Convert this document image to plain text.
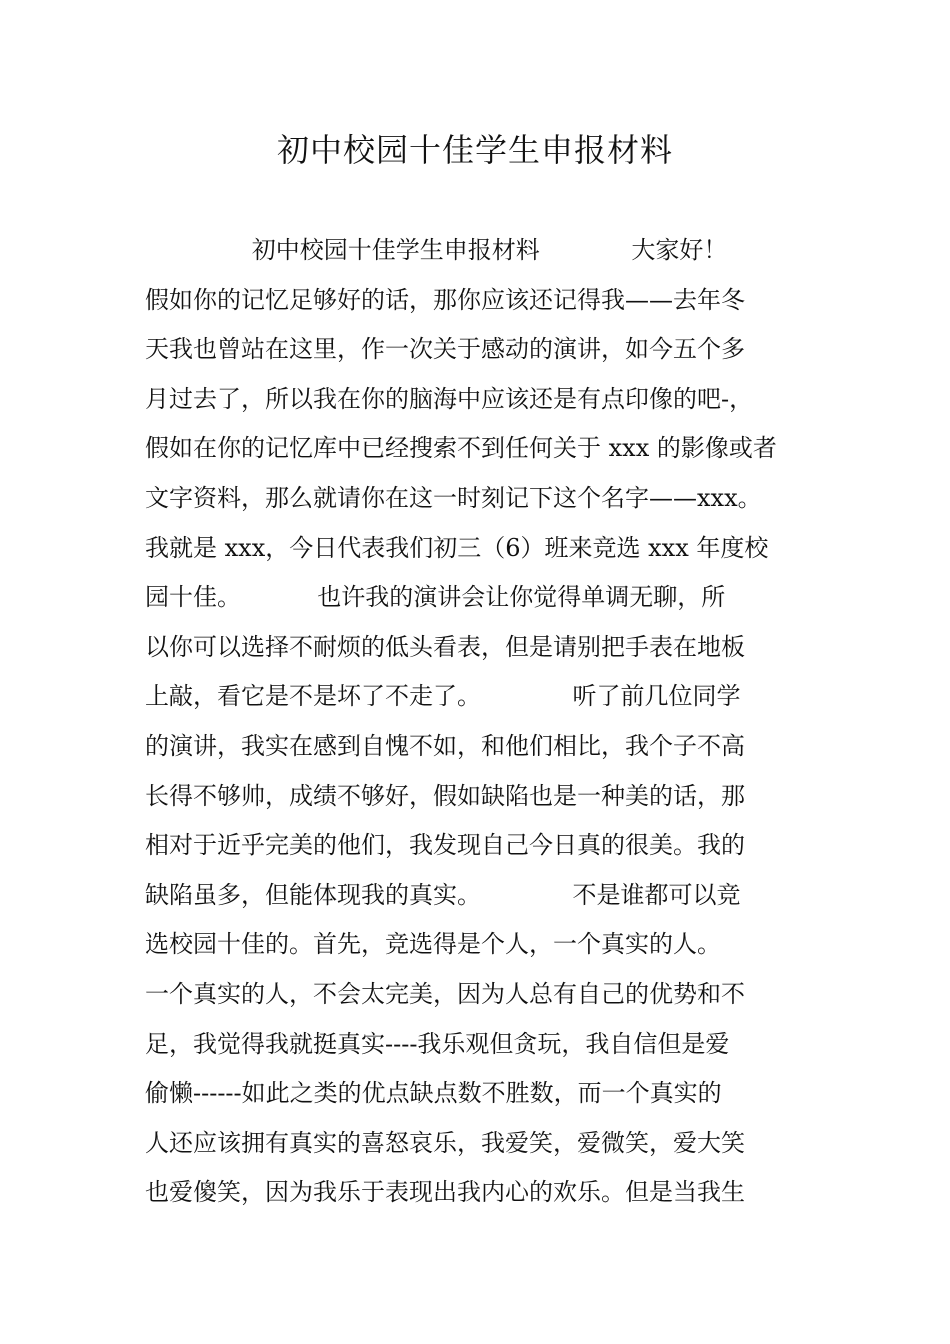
初中校园十佳学生申报材料
初中校园十佳学生申报材料            大家好！
假如你的记忆足够好的话，那你应该还记得我——去年冬
天我也曾站在这里，作一次关于感动的演讲，如今五个多
月过去了，所以我在你的脑海中应该还是有点印像的吧-，
假如在你的记忆库中已经搜索不到任何关于 xxx 的影像或者
文字资料，那么就请你在这一时刻记下这个名字——xxx。
我就是 xxx，今日代表我们初三（6）班来竞选 xxx 年度校
园十佳。          也许我的演讲会让你觉得单调无聊，所
以你可以选择不耐烦的低头看表，但是请别把手表在地板
上敲，看它是不是坏了不走了。            听了前几位同学
的演讲，我实在感到自愧不如，和他们相比，我个子不高
长得不够帅，成绩不够好，假如缺陷也是一种美的话，那
相对于近乎完美的他们，我发现自己今日真的很美。我的
缺陷虽多，但能体现我的真实。            不是谁都可以竞
选校园十佳的。首先，竞选得是个人，一个真实的人。
一个真实的人，不会太完美，因为人总有自己的优势和不
足，我觉得我就挺真实----我乐观但贪玩，我自信但是爱
偷懒------如此之类的优点缺点数不胜数，而一个真实的
人还应该拥有真实的喜怒哀乐，我爱笑，爱微笑，爱大笑
也爱傻笑，因为我乐于表现出我内心的欢乐。但是当我生
